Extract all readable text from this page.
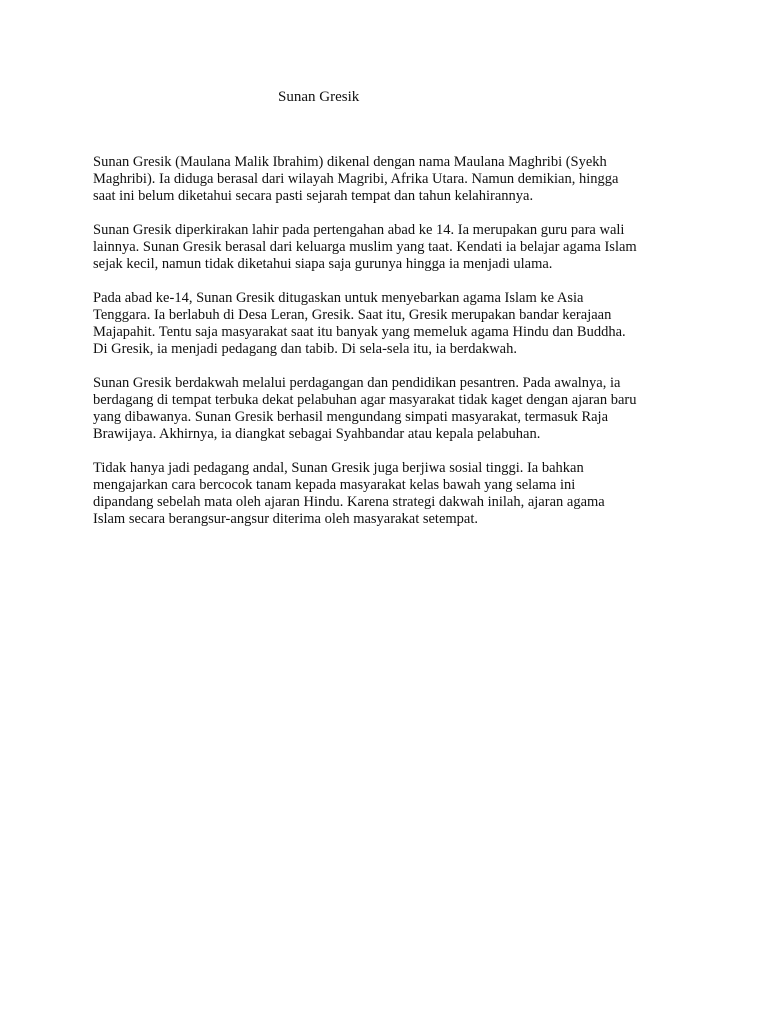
Sunan Gresik

Sunan Gresik (Maulana Malik Ibrahim) dikenal dengan nama Maulana Maghribi (Syekh
Maghribi). Ia diduga berasal dari wilayah Magribi, Afrika Utara. Namun demikian, hingga
saat ini belum diketahui secara pasti sejarah tempat dan tahun kelahirannya.

Sunan Gresik diperkirakan lahir pada pertengahan abad ke 14. Ia merupakan guru para wali
lainnya. Sunan Gresik berasal dari keluarga muslim yang taat. Kendati ia belajar agama Islam
sejak kecil, namun tidak diketahui siapa saja gurunya hingga ia menjadi ulama.

Pada abad ke-14, Sunan Gresik ditugaskan untuk menyebarkan agama Islam ke Asia
Tenggara. Ia berlabuh di Desa Leran, Gresik. Saat itu, Gresik merupakan bandar kerajaan
Majapahit. Tentu saja masyarakat saat itu banyak yang memeluk agama Hindu dan Buddha.
Di Gresik, ia menjadi pedagang dan tabib. Di sela-sela itu, ia berdakwah.

Sunan Gresik berdakwah melalui perdagangan dan pendidikan pesantren. Pada awalnya, ia
berdagang di tempat terbuka dekat pelabuhan agar masyarakat tidak kaget dengan ajaran baru
yang dibawanya. Sunan Gresik berhasil mengundang simpati masyarakat, termasuk Raja
Brawijaya. Akhirnya, ia diangkat sebagai Syahbandar atau kepala pelabuhan.

Tidak hanya jadi pedagang andal, Sunan Gresik juga berjiwa sosial tinggi. Ia bahkan
mengajarkan cara bercocok tanam kepada masyarakat kelas bawah yang selama ini
dipandang sebelah mata oleh ajaran Hindu. Karena strategi dakwah inilah, ajaran agama
Islam secara berangsur-angsur diterima oleh masyarakat setempat.
